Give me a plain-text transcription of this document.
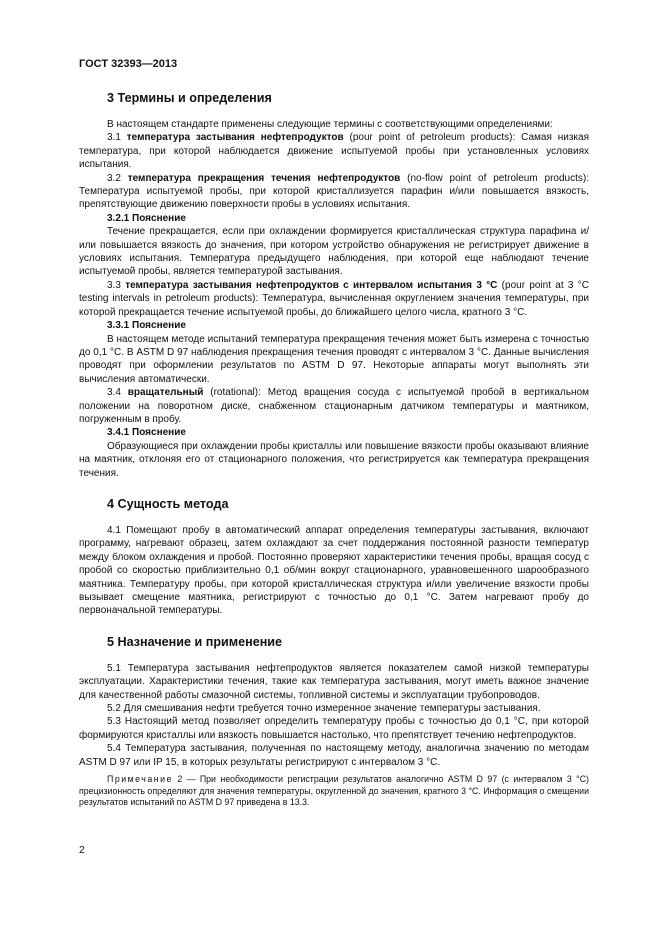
ГОСТ 32393—2013
3 Термины и определения

В настоящем стандарте применены следующие термины с соответствующими определениями:

3.1 температура застывания нефтепродуктов (pour point of petroleum products): Самая низкая температура, при которой наблюдается движение испытуемой пробы при установленных условиях испытания.

3.2 температура прекращения течения нефтепродуктов (no-flow point of petroleum products): Температура испытуемой пробы, при которой кристаллизуется парафин и/или повышается вязкость, препятствующие движению поверхности пробы в условиях испытания.

3.2.1 Пояснение

Течение прекращается, если при охлаждении формируется кристаллическая структура парафина и/или повышается вязкость до значения, при котором устройство обнаружения не регистрирует движение в условиях испытания. Температура предыдущего наблюдения, при которой еще наблюдают течение испытуемой пробы, является температурой застывания.

3.3 температура застывания нефтепродуктов с интервалом испытания 3 °C (pour point at 3 °C testing intervals in petroleum products): Температура, вычисленная округлением значения температуры, при которой прекращается течение испытуемой пробы, до ближайшего целого числа, кратного 3 °C.

3.3.1 Пояснение

В настоящем методе испытаний температура прекращения течения может быть измерена с точностью до 0,1 °C. В ASTM D 97 наблюдения прекращения течения проводят с интервалом 3 °C. Данные вычисления проводят при оформлении результатов по ASTM D 97. Некоторые аппараты могут выполнять эти вычисления автоматически.

3.4 вращательный (rotational): Метод вращения сосуда с испытуемой пробой в вертикальном положении на поворотном диске, снабженном стационарным датчиком температуры и маятником, погруженным в пробу.

3.4.1 Пояснение

Образующиеся при охлаждении пробы кристаллы или повышение вязкости пробы оказывают влияние на маятник, отклоняя его от стационарного положения, что регистрируется как температура прекращения течения.

4 Сущность метода

4.1 Помещают пробу в автоматический аппарат определения температуры застывания, включают программу, нагревают образец, затем охлаждают за счет поддержания постоянной разности температур между блоком охлаждения и пробой. Постоянно проверяют характеристики течения пробы, вращая сосуд с пробой со скоростью приблизительно 0,1 об/мин вокруг стационарного, уравновешенного шарообразного маятника. Температуру пробы, при которой кристаллическая структура и/или увеличение вязкости пробы вызывает смещение маятника, регистрируют с точностью до 0,1 °C. Затем нагревают пробу до первоначальной температуры.

5 Назначение и применение

5.1 Температура застывания нефтепродуктов является показателем самой низкой температуры эксплуатации. Характеристики течения, такие как температура застывания, могут иметь важное значение для качественной работы смазочной системы, топливной системы и эксплуатации трубопроводов.

5.2 Для смешивания нефти требуется точно измеренное значение температуры застывания.

5.3 Настоящий метод позволяет определить температуру пробы с точностью до 0,1 °C, при которой формируются кристаллы или вязкость повышается настолько, что препятствует течению нефтепродуктов.

5.4 Температура застывания, полученная по настоящему методу, аналогична значению по методам ASTM D 97 или IP 15, в которых результаты регистрируют с интервалом 3 °C.

Примечание 2 — При необходимости регистрации результатов аналогично ASTM D 97 (с интервалом 3 °C) прецизионность определяют для значения температуры, округленной до значения, кратного 3 °C. Информация о смещении результатов испытаний по ASTM D 97 приведена в 13.3.

2
